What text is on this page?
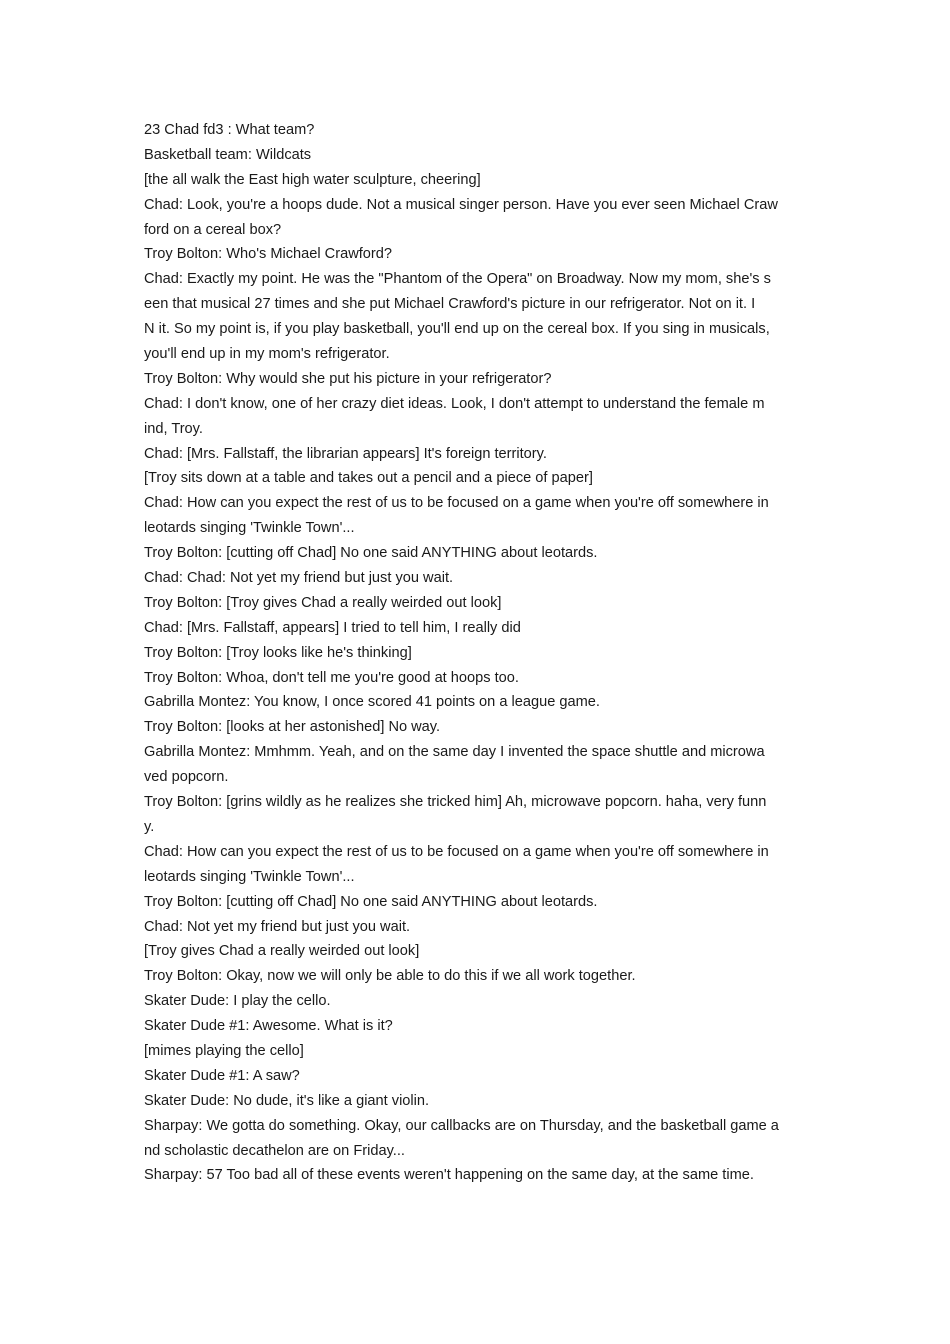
23 Chad fd3 : What team?
Basketball team: Wildcats
[the all walk the East high water sculpture, cheering]
Chad: Look, you're a hoops dude. Not a musical singer person. Have you ever seen Michael Craw
ford on a cereal box?
Troy Bolton: Who's Michael Crawford?
Chad: Exactly my point. He was the "Phantom of the Opera" on Broadway. Now my mom, she's s
een that musical 27 times and she put Michael Crawford's picture in our refrigerator. Not on it. I
N it. So my point is, if you play basketball, you'll end up on the cereal box. If you sing in musicals,
you'll end up in my mom's refrigerator.
Troy Bolton: Why would she put his picture in your refrigerator?
Chad: I don't know, one of her crazy diet ideas. Look, I don't attempt to understand the female m
ind, Troy.
Chad: [Mrs. Fallstaff, the librarian appears] It's foreign territory.
[Troy sits down at a table and takes out a pencil and a piece of paper]
Chad: How can you expect the rest of us to be focused on a game when you're off somewhere in
leotards singing 'Twinkle Town'...
Troy Bolton: [cutting off Chad] No one said ANYTHING about leotards.
Chad: Chad: Not yet my friend but just you wait.
Troy Bolton: [Troy gives Chad a really weirded out look]
Chad: [Mrs. Fallstaff, appears] I tried to tell him, I really did
Troy Bolton: [Troy looks like he's thinking]
Troy Bolton: Whoa, don't tell me you're good at hoops too.
Gabrilla Montez: You know, I once scored 41 points on a league game.
Troy Bolton: [looks at her astonished] No way.
Gabrilla Montez: Mmhmm. Yeah, and on the same day I invented the space shuttle and microwa
ved popcorn.
Troy Bolton: [grins wildly as he realizes she tricked him] Ah, microwave popcorn. haha, very funn
y.
Chad: How can you expect the rest of us to be focused on a game when you're off somewhere in
leotards singing 'Twinkle Town'...
Troy Bolton: [cutting off Chad] No one said ANYTHING about leotards.
Chad: Not yet my friend but just you wait.
[Troy gives Chad a really weirded out look]
Troy Bolton: Okay, now we will only be able to do this if we all work together.
Skater Dude: I play the cello.
Skater Dude #1: Awesome. What is it?
[mimes playing the cello]
Skater Dude #1: A saw?
Skater Dude: No dude, it's like a giant violin.
Sharpay: We gotta do something. Okay, our callbacks are on Thursday, and the basketball game a
nd scholastic decathelon are on Friday...
Sharpay: 57 Too bad all of these events weren't happening on the same day, at the same time.
